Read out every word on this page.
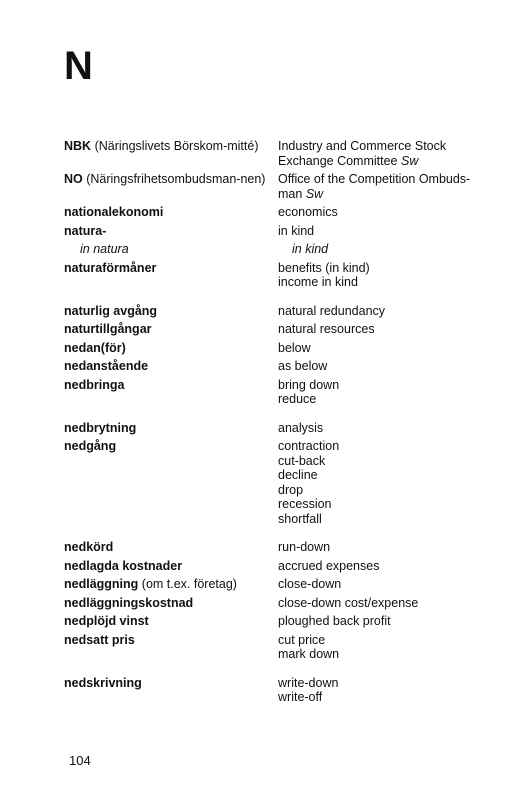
N
NBK (Näringslivets Börskom-mitté)	Industry and Commerce Stock
Exchange Committee Sw
NO (Näringsfrihetsombudsman-nen)	Office of the Competition Ombuds-
man Sw
nationalekonomi	economics
natura-	in kind
in natura	in kind
naturaförmåner	benefits (in kind)
income in kind
naturlig avgång	natural redundancy
naturtillgångar	natural resources
nedan(för)	below
nedanstående	as below
nedbringa	bring down
reduce
nedbrytning	analysis
nedgång	contraction
cut-back
decline
drop
recession
shortfall
nedkörd	run-down
nedlagda kostnader	accrued expenses
nedläggning (om t.ex. företag)	close-down
nedläggningskostnad	close-down cost/expense
nedplöjd vinst	ploughed back profit
nedsatt pris	cut price
mark down
nedskrivning	write-down
write-off
104
